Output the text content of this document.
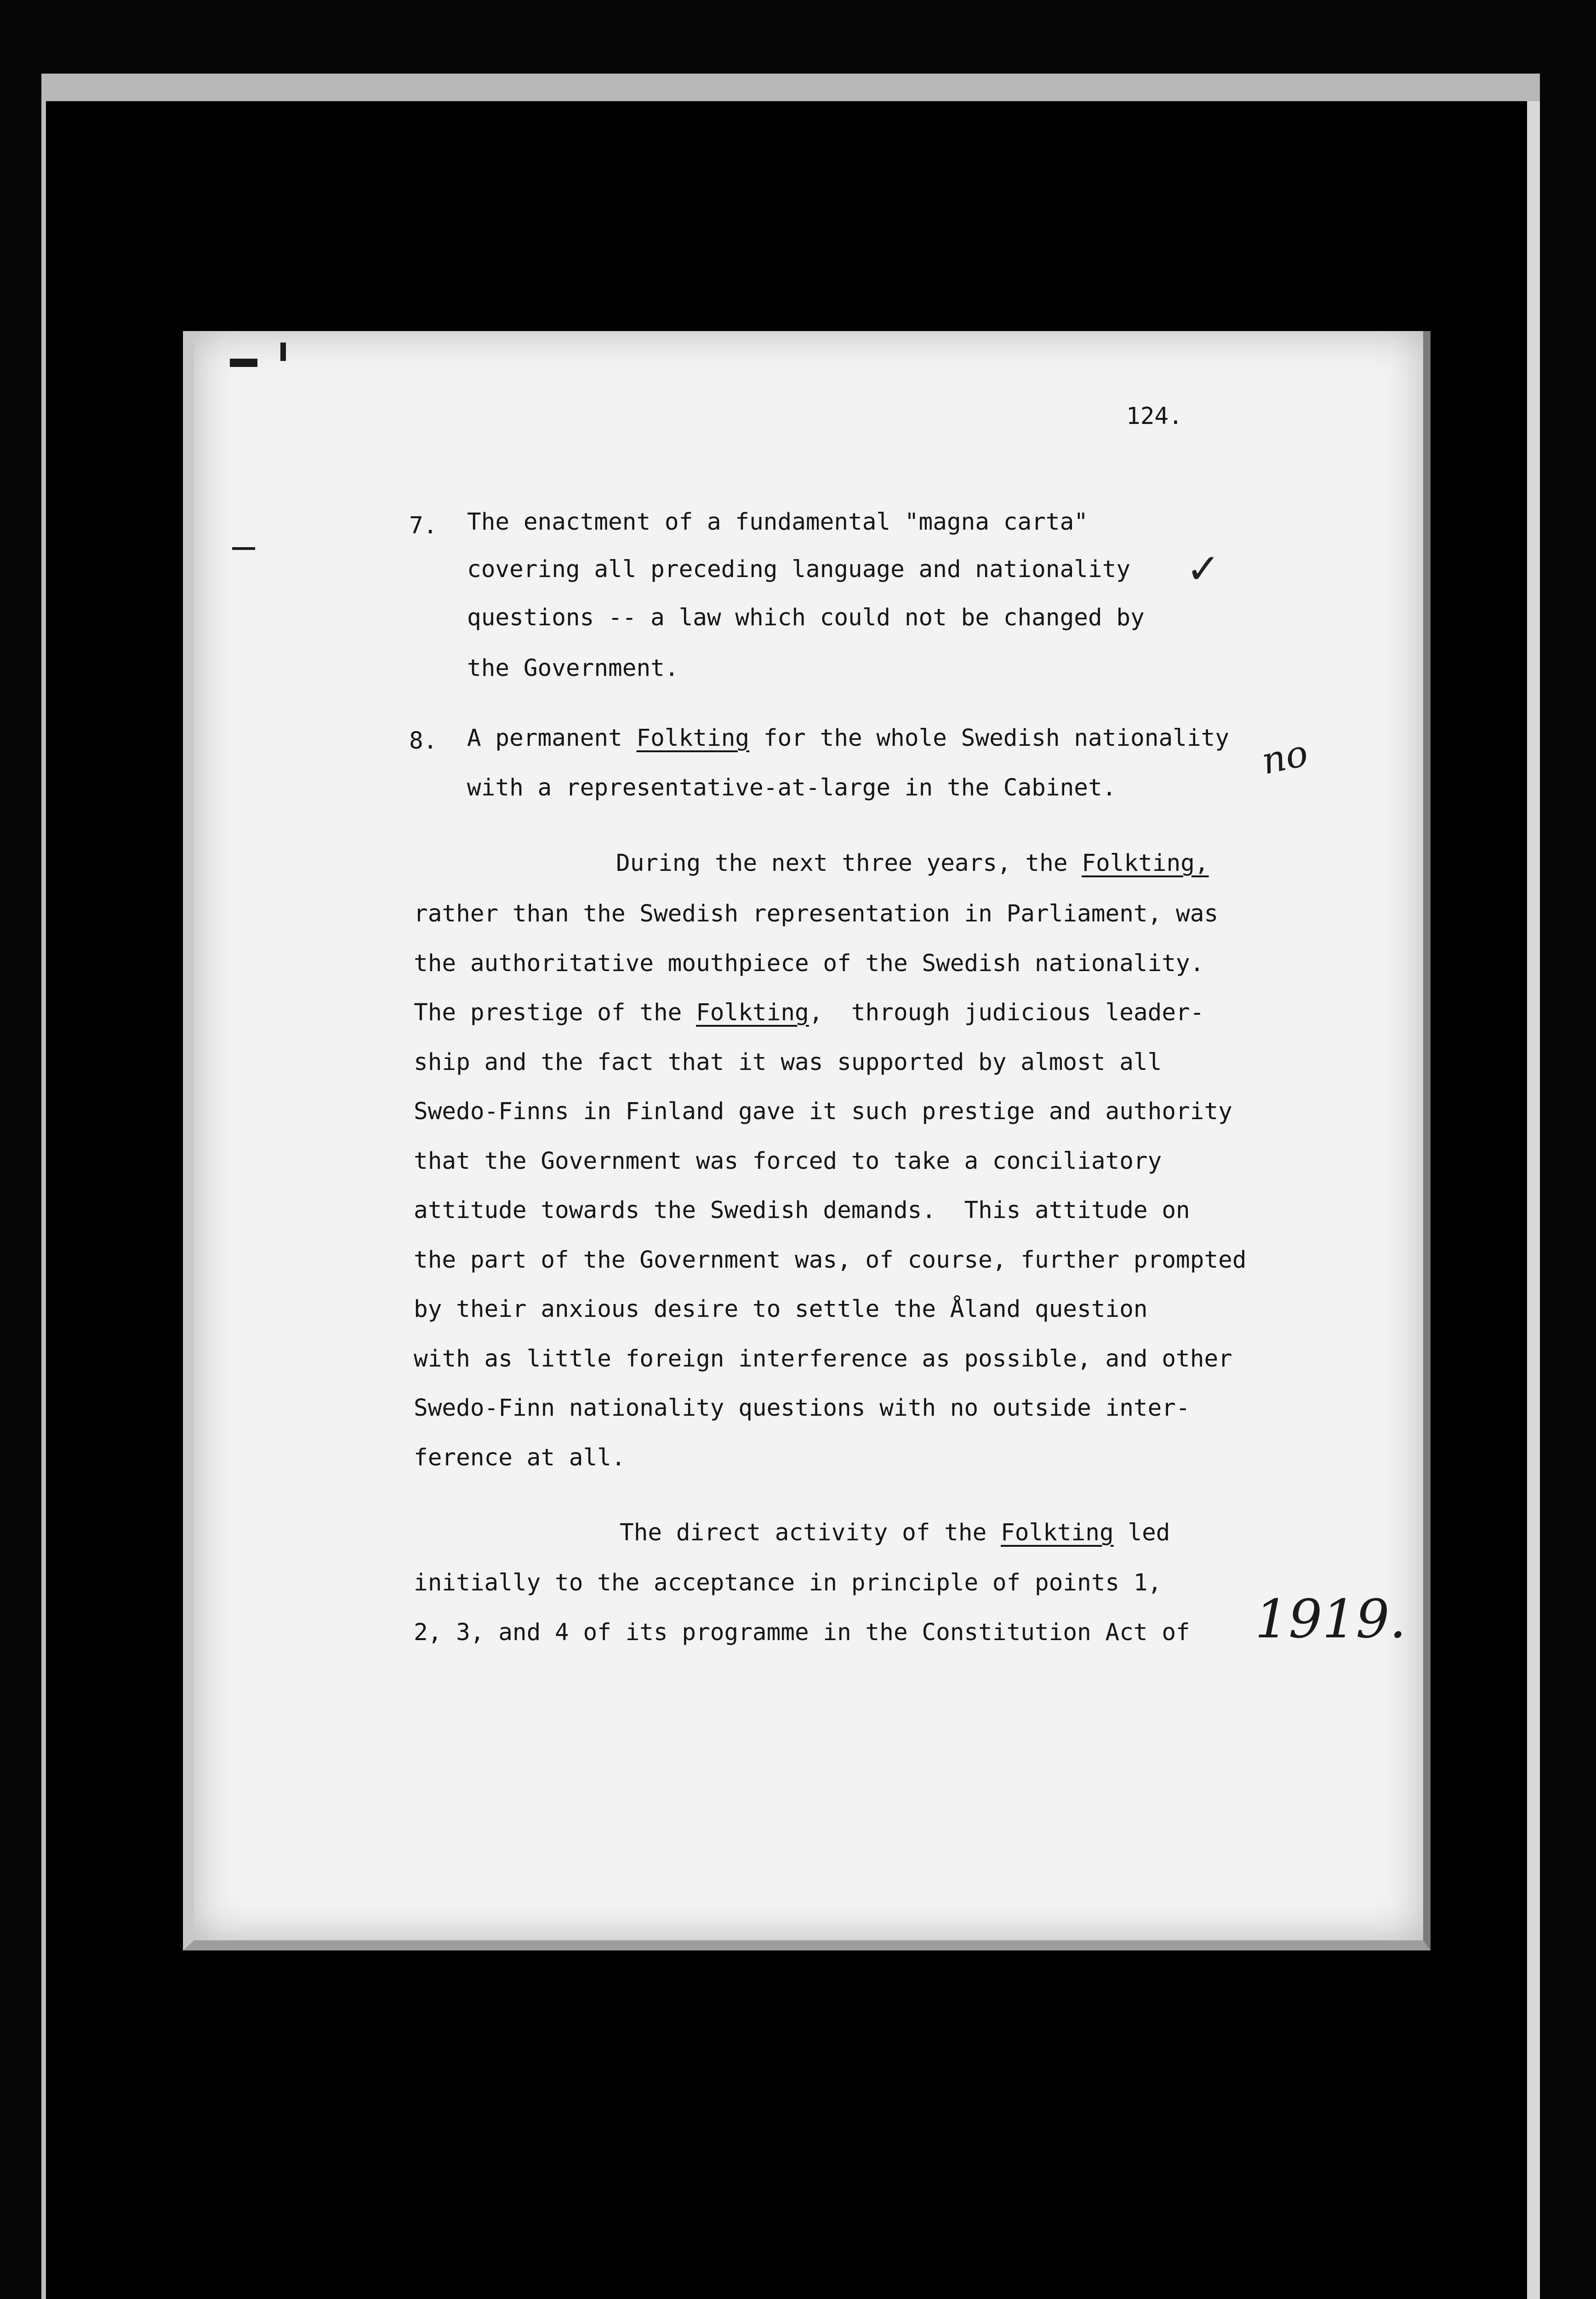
124.
7. The enactment of a fundamental "magna carta"
covering all preceding language and nationality
questions -- a law which could not be changed by
the Government.
✓
8. A permanent Folkting for the whole Swedish nationality
with a representative-at-large in the Cabinet.
no
During the next three years, the Folkting,
rather than the Swedish representation in Parliament, was
the authoritative mouthpiece of the Swedish nationality.
The prestige of the Folkting,  through judicious leader-
ship and the fact that it was supported by almost all
Swedo-Finns in Finland gave it such prestige and authority
that the Government was forced to take a conciliatory
attitude towards the Swedish demands.  This attitude on
the part of the Government was, of course, further prompted
by their anxious desire to settle the Åland question
with as little foreign interference as possible, and other
Swedo-Finn nationality questions with no outside inter-
ference at all.
The direct activity of the Folkting led
initially to the acceptance in principle of points 1,
2, 3, and 4 of its programme in the Constitution Act of 1919.
